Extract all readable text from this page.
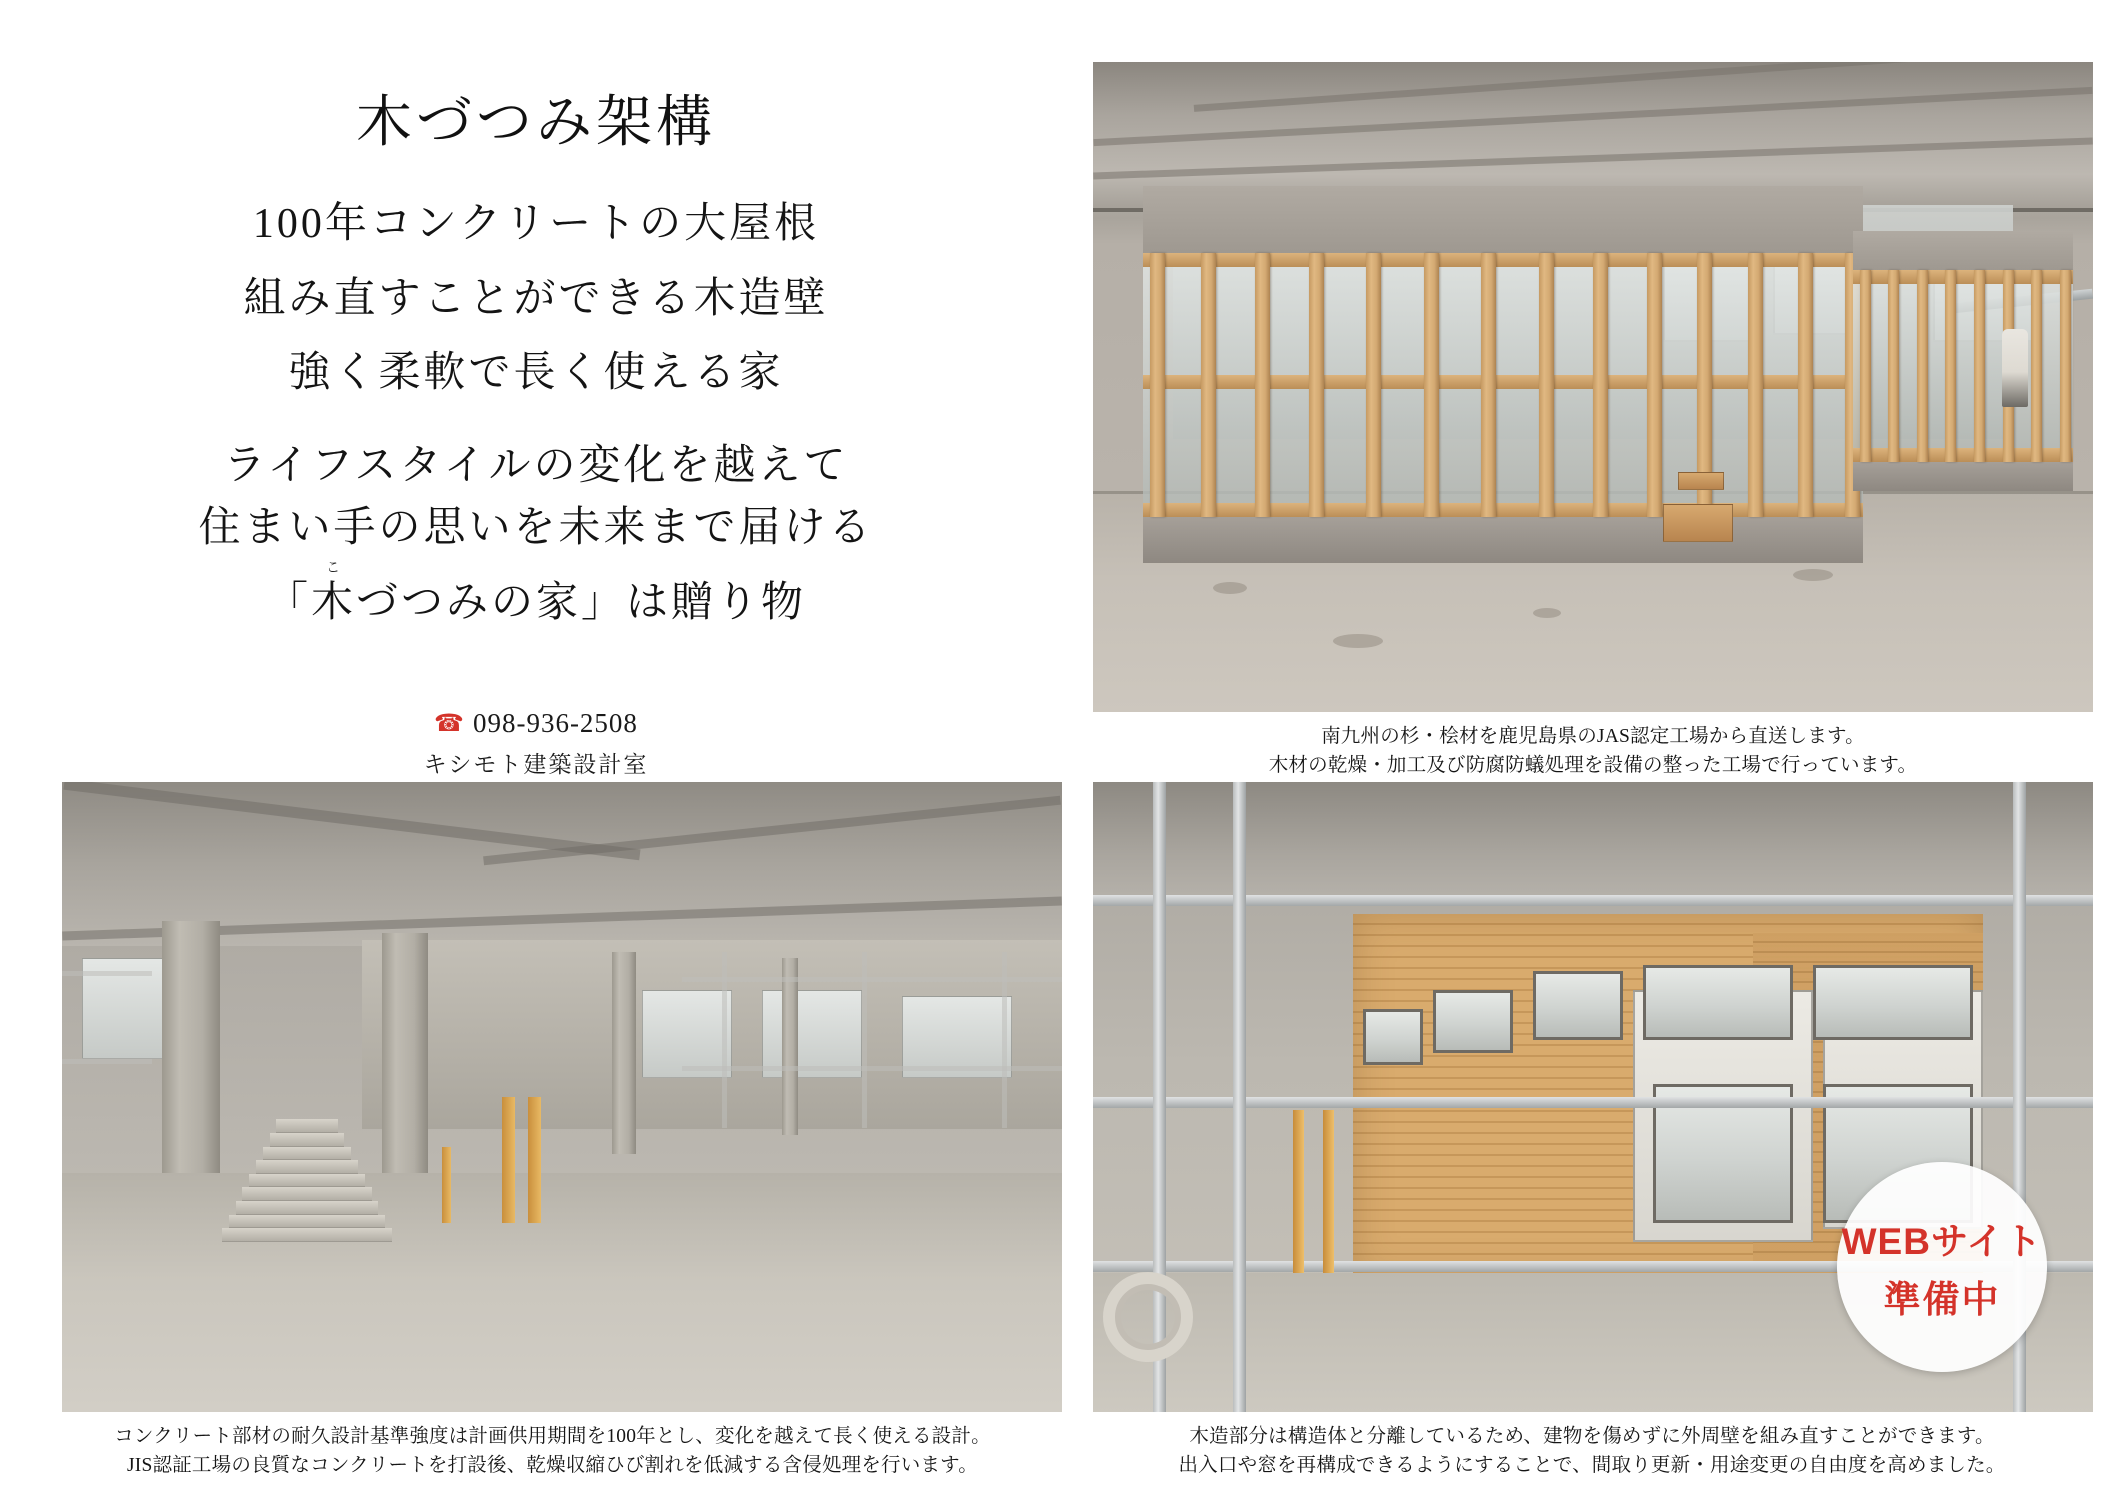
木づつみ架構
100年コンクリートの大屋根
組み直すことができる木造壁
強く柔軟で長く使える家
ライフスタイルの変化を越えて
住まい手の思いを未来まで届ける
こ
「木づつみの家」は贈り物
☎ 098-936-2508
キシモト建築設計室
南九州の杉・桧材を鹿児島県のJAS認定工場から直送します。
木材の乾燥・加工及び防腐防蟻処理を設備の整った工場で行っています。
コンクリート部材の耐久設計基準強度は計画供用期間を100年とし、変化を越えて長く使える設計。
JIS認証工場の良質なコンクリートを打設後、乾燥収縮ひび割れを低減する含侵処理を行います。
WEBサイト
準備中
木造部分は構造体と分離しているため、建物を傷めずに外周壁を組み直すことができます。
出入口や窓を再構成できるようにすることで、間取り更新・用途変更の自由度を高めました。
